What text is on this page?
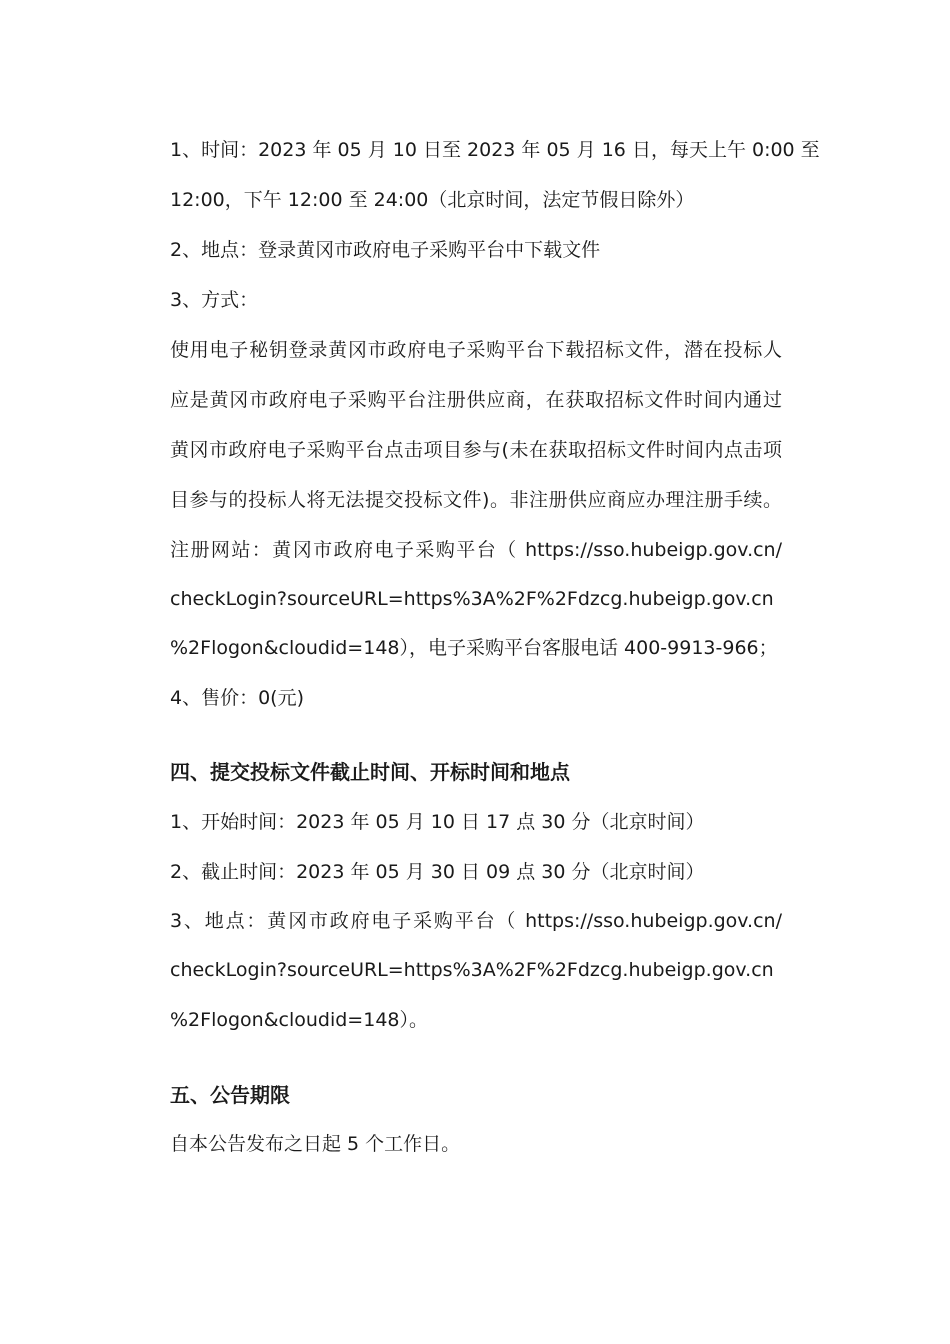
1、时间：2023 年 05 月 10 日至 2023 年 05 月 16 日，每天上午 0:00 至
12:00，下午 12:00 至 24:00（北京时间，法定节假日除外）
2、地点：登录黄冈市政府电子采购平台中下载文件
3、方式：
使用电子秘钥登录黄冈市政府电子采购平台下载招标文件，潜在投标人
应是黄冈市政府电子采购平台注册供应商，在获取招标文件时间内通过
黄冈市政府电子采购平台点击项目参与(未在获取招标文件时间内点击项
目参与的投标人将无法提交投标文件)。非注册供应商应办理注册手续。
注册网站：黄冈市政府电子采购平台（ https://sso.hubeigp.gov.cn/
checkLogin?sourceURL=https%3A%2F%2Fdzcg.hubeigp.gov.cn
%2Flogon&cloudid=148），电子采购平台客服电话 400-9913-966；
4、售价：0(元)
四、提交投标文件截止时间、开标时间和地点
1、开始时间：2023 年 05 月 10 日 17 点 30 分（北京时间）
2、截止时间：2023 年 05 月 30 日 09 点 30 分（北京时间）
3、地点：黄冈市政府电子采购平台（ https://sso.hubeigp.gov.cn/
checkLogin?sourceURL=https%3A%2F%2Fdzcg.hubeigp.gov.cn
%2Flogon&cloudid=148）。
五、公告期限
自本公告发布之日起 5 个工作日。
